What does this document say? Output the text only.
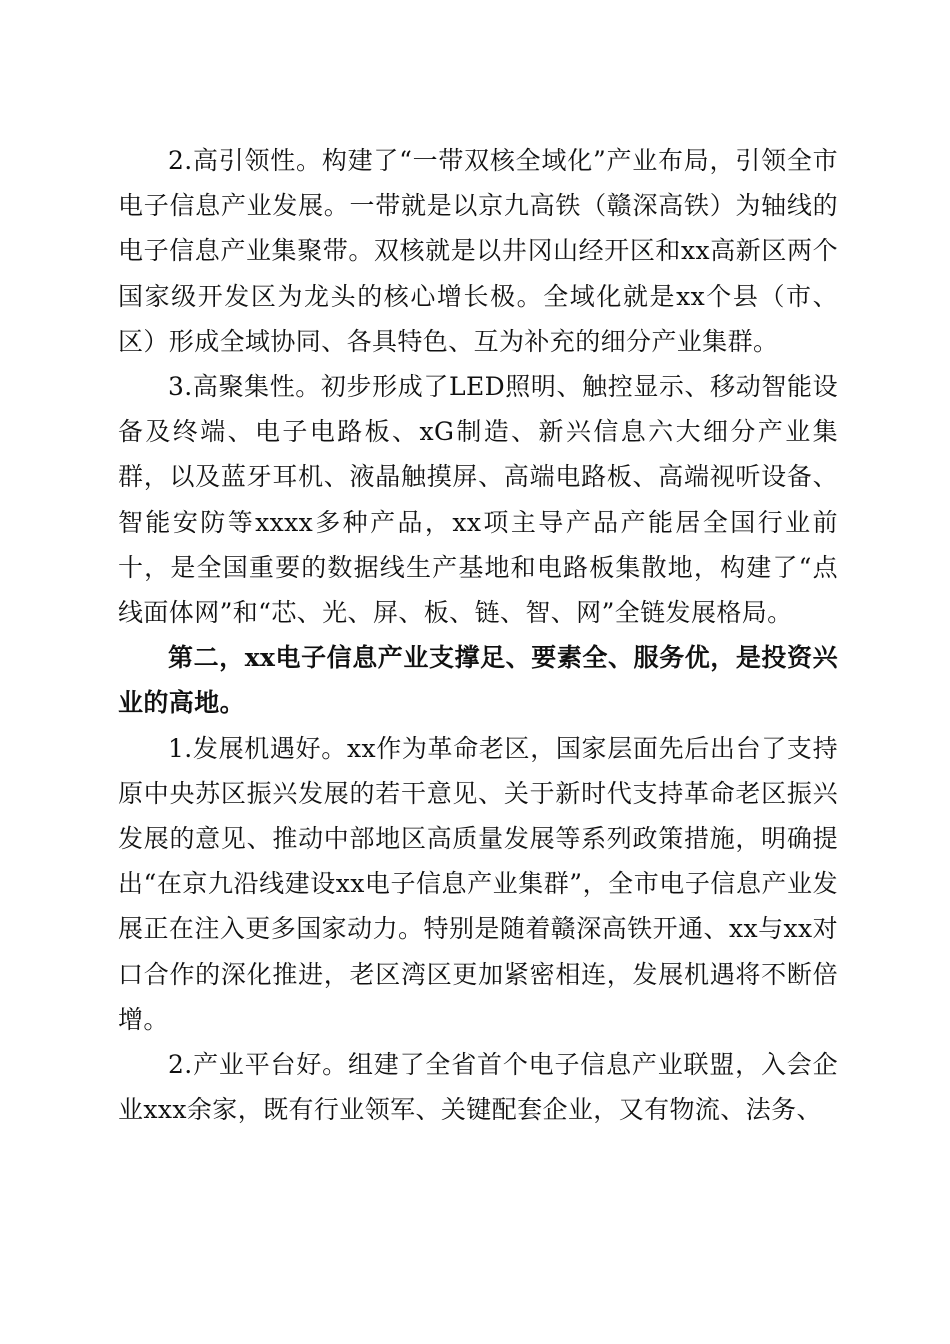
2.高引领性。构建了“一带双核全域化”产业布局，引领全市电子信息产业发展。一带就是以京九高铁（赣深高铁）为轴线的电子信息产业集聚带。双核就是以井冈山经开区和xx高新区两个国家级开发区为龙头的核心增长极。全域化就是xx个县（市、区）形成全域协同、各具特色、互为补充的细分产业集群。

3.高聚集性。初步形成了LED照明、触控显示、移动智能设备及终端、电子电路板、xG制造、新兴信息六大细分产业集群，以及蓝牙耳机、液晶触摸屏、高端电路板、高端视听设备、智能安防等xxxx多种产品，xx项主导产品产能居全国行业前十，是全国重要的数据线生产基地和电路板集散地，构建了“点线面体网”和“芯、光、屏、板、链、智、网”全链发展格局。

第二，xx电子信息产业支撑足、要素全、服务优，是投资兴业的高地。

1.发展机遇好。xx作为革命老区，国家层面先后出台了支持原中央苏区振兴发展的若干意见、关于新时代支持革命老区振兴发展的意见、推动中部地区高质量发展等系列政策措施，明确提出“在京九沿线建设xx电子信息产业集群”，全市电子信息产业发展正在注入更多国家动力。特别是随着赣深高铁开通、xx与xx对口合作的深化推进，老区湾区更加紧密相连，发展机遇将不断倍增。

2.产业平台好。组建了全省首个电子信息产业联盟，入会企业xxx余家，既有行业领军、关键配套企业，又有物流、法务、
